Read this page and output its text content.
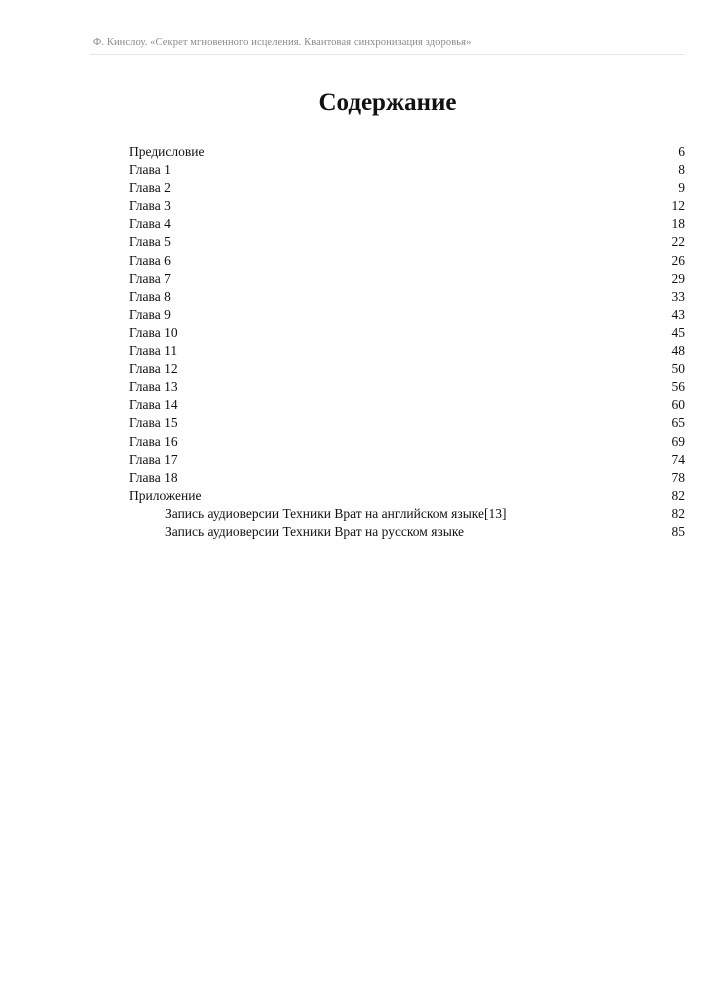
Ф. Кинслоу. «Секрет мгновенного исцеления. Квантовая синхронизация здоровья»
Содержание
Предисловие	6
Глава 1	8
Глава 2	9
Глава 3	12
Глава 4	18
Глава 5	22
Глава 6	26
Глава 7	29
Глава 8	33
Глава 9	43
Глава 10	45
Глава 11	48
Глава 12	50
Глава 13	56
Глава 14	60
Глава 15	65
Глава 16	69
Глава 17	74
Глава 18	78
Приложение	82
Запись аудиоверсии Техники Врат на английском языке[13]	82
Запись аудиоверсии Техники Врат на русском языке	85
